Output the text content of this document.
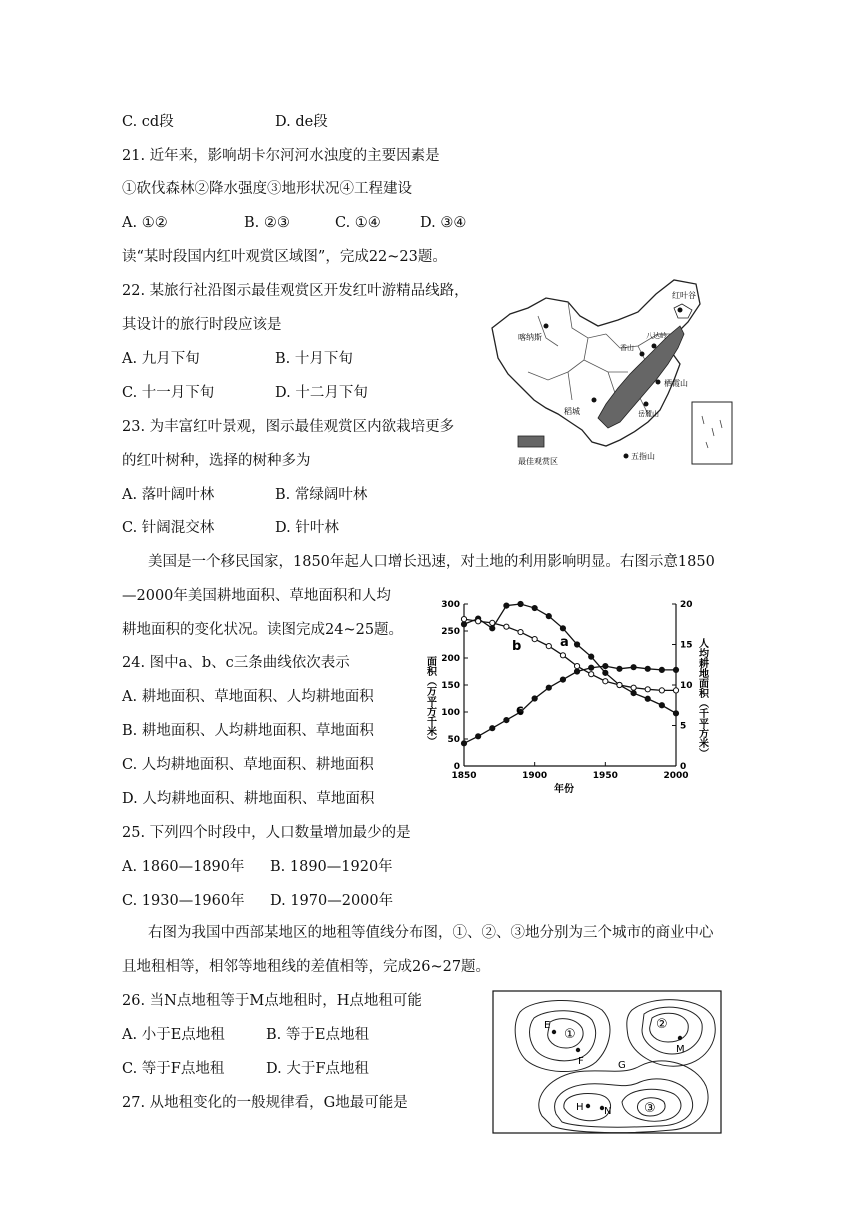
C. cd段	D. de段
21. 近年来，影响胡卡尔河河水浊度的主要因素是
①砍伐森林②降水强度③地形状况④工程建设
A. ①②	B. ②③	C. ①④	D. ③④
读“某时段国内红叶观赏区域图”，完成22~23题。
22. 某旅行社沿图示最佳观赏区开发红叶游精品线路，
其设计的旅行时段应该是
A. 九月下旬	B. 十月下旬
C. 十一月下旬	D. 十二月下旬
23. 为丰富红叶景观，图示最佳观赏区内欲栽培更多
的红叶树种，选择的树种多为
A. 落叶阔叶林	B. 常绿阔叶林
C. 针阔混交林	D. 针叶林
喀纳斯
红叶谷
八达岭
香山
栖霞山
稻城	岳麓山
五指山
最佳观赏区
美国是一个移民国家，1850年起人口增长迅速，对土地的利用影响明显。右图示意1850
—2000年美国耕地面积、草地面积和人均
耕地面积的变化状况。读图完成24~25题。
24. 图中a、b、c三条曲线依次表示
A. 耕地面积、草地面积、人均耕地面积
B. 耕地面积、人均耕地面积、草地面积
C. 人均耕地面积、草地面积、耕地面积
D. 人均耕地面积、耕地面积、草地面积
25. 下列四个时段中，人口数量增加最少的是
A. 1860—1890年 B. 1890—1920年
C. 1930—1960年 D. 1970—2000年
0
50
100
150
200
250
300
0
5
10
15
20
1850	1900	1950	2000
面积（万平方千米）	人均耕地面积（千平方米）
年份
a
b
c
右图为我国中西部某地区的地租等值线分布图，①、②、③地分别为三个城市的商业中心
且地租相等，相邻等地租线的差值相等，完成26~27题。
26. 当N点地租等于M点地租时，H点地租可能
A. 小于E点地租	B. 等于E点地租
C. 等于F点地租	D. 大于F点地租
27. 从地租变化的一般规律看，G地最可能是
①
②
③
E
F	G
M
H N
